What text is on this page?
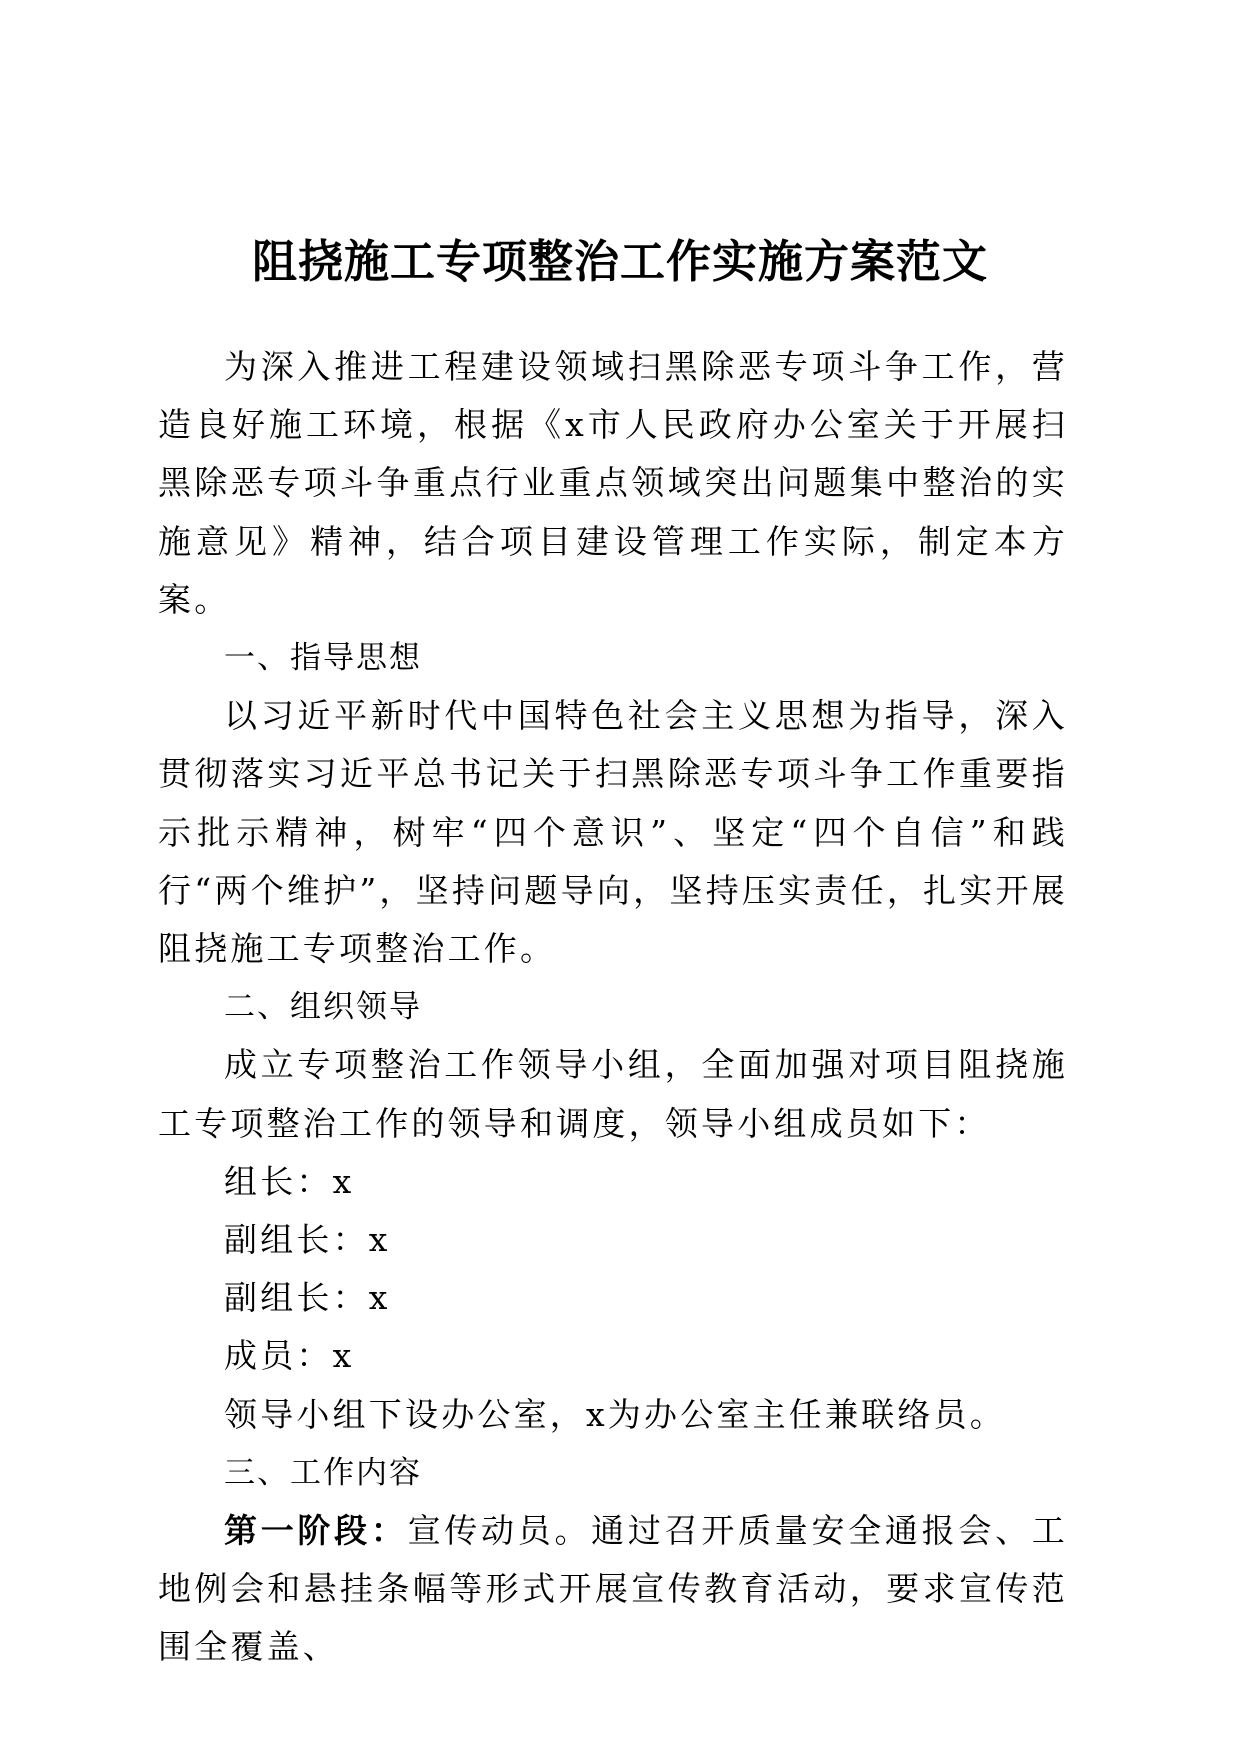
阻挠施工专项整治工作实施方案范文

为深入推进工程建设领域扫黑除恶专项斗争工作，营造良好施工环境，根据《x市人民政府办公室关于开展扫黑除恶专项斗争重点行业重点领域突出问题集中整治的实施意见》精神，结合项目建设管理工作实际，制定本方案。

一、指导思想

以习近平新时代中国特色社会主义思想为指导，深入贯彻落实习近平总书记关于扫黑除恶专项斗争工作重要指示批示精神，树牢“四个意识”、坚定“四个自信”和践行“两个维护”，坚持问题导向，坚持压实责任，扎实开展阻挠施工专项整治工作。

二、组织领导

成立专项整治工作领导小组，全面加强对项目阻挠施工专项整治工作的领导和调度，领导小组成员如下：

组长：x

副组长：x

副组长：x

成员：x

领导小组下设办公室，x为办公室主任兼联络员。

三、工作内容

第一阶段：宣传动员。通过召开质量安全通报会、工地例会和悬挂条幅等形式开展宣传教育活动，要求宣传范围全覆盖、
